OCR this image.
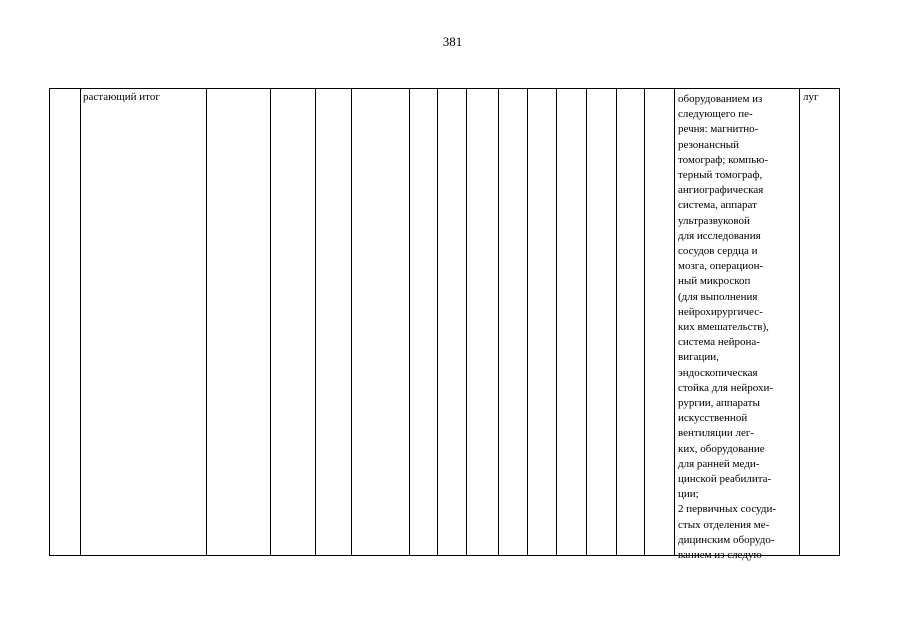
381
растающий итог	оборудованием из
следующего пе-
речня: магнитно-
резонансный
томограф; компью-
терный томограф,
ангиографическая
система, аппарат
ультразвуковой
для исследования
сосудов сердца и
мозга, операцион-
ный микроскоп
(для выполнения
нейрохирургичес-
ких вмешательств),
система нейрона-
вигации,
эндоскопическая
стойка для нейрохи-
рургии, аппараты
искусственной
вентиляции лег-
ких, оборудование
для ранней меди-
цинской реабилита-
ции;
2 первичных сосуди-
стых отделения ме-
дицинским оборудо-
ванием из следую-
луг
